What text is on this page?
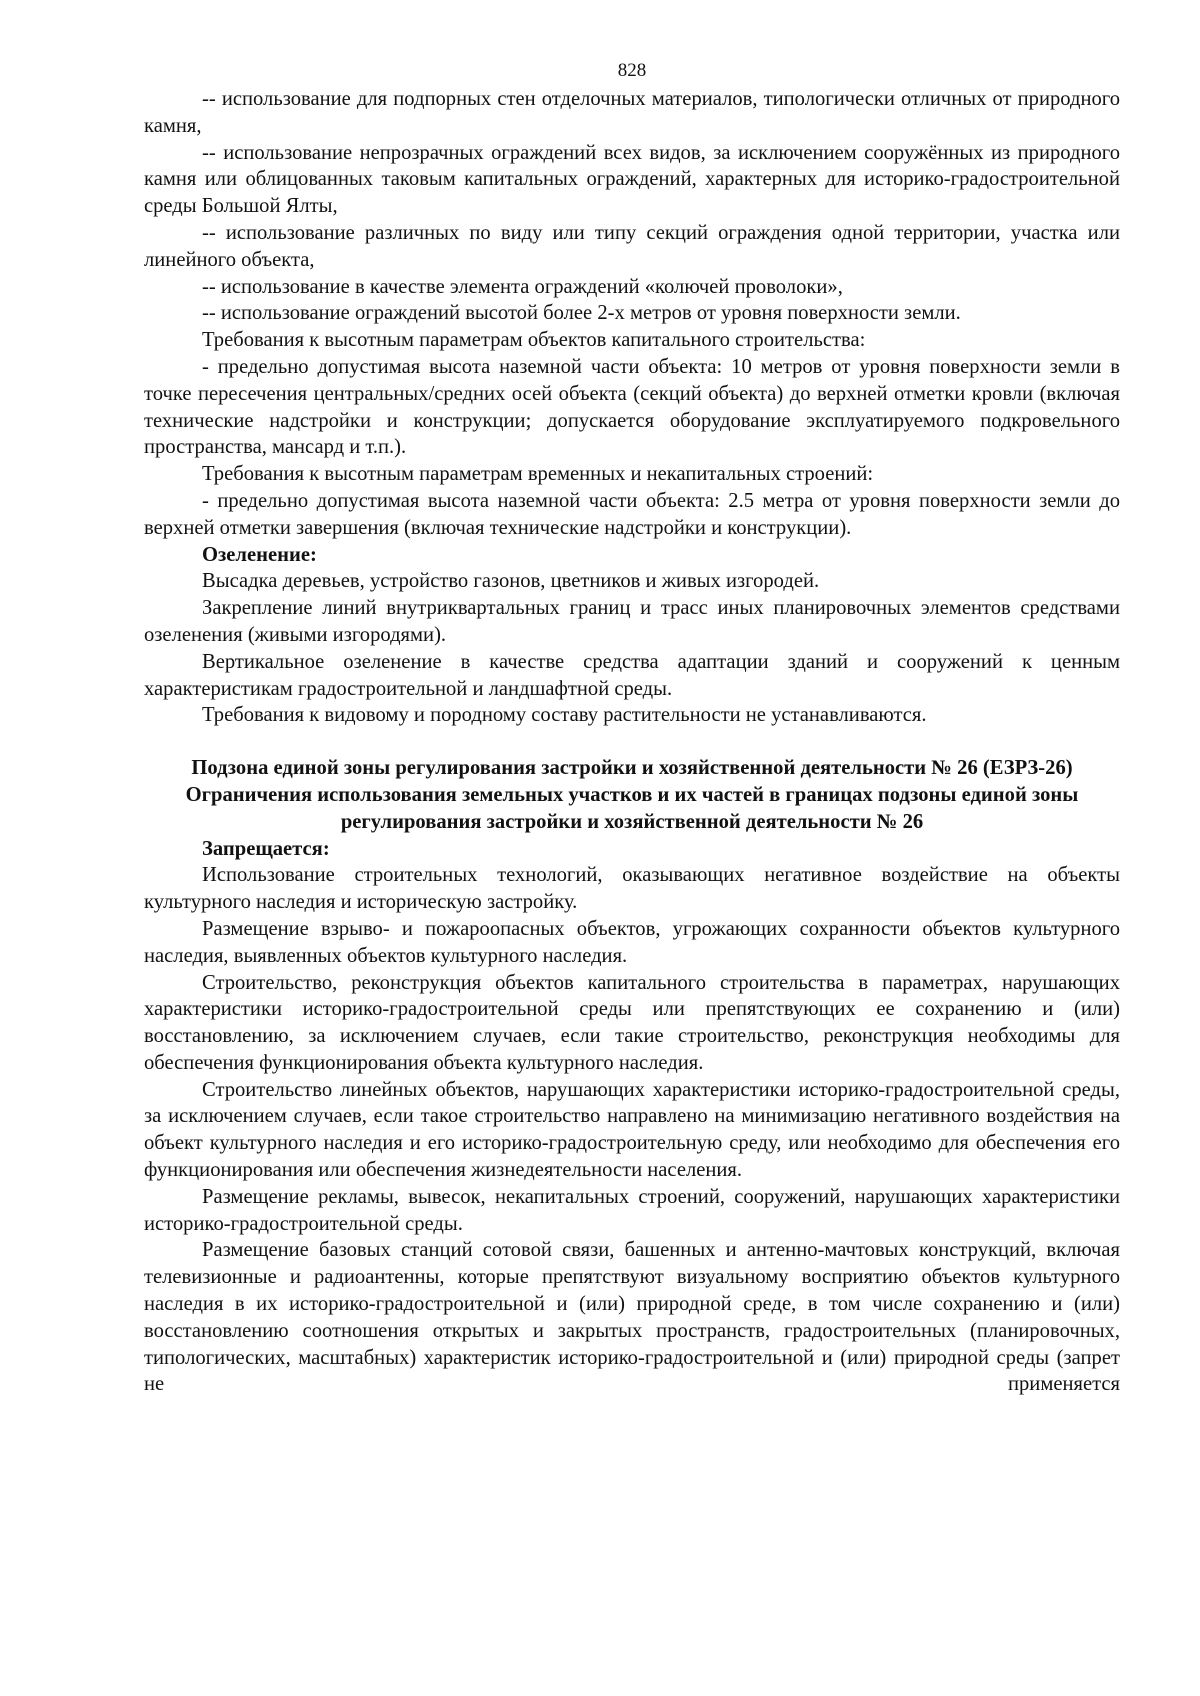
828

-- использование для подпорных стен отделочных материалов, типологически отличных от природного камня,

-- использование непрозрачных ограждений всех видов, за исключением сооружённых из природного камня или облицованных таковым капитальных ограждений, характерных для историко-градостроительной среды Большой Ялты,

-- использование различных по виду или типу секций ограждения одной территории, участка или линейного объекта,

-- использование в качестве элемента ограждений «колючей проволоки»,

-- использование ограждений высотой более 2-х метров от уровня поверхности земли.

Требования к высотным параметрам объектов капитального строительства:

- предельно допустимая высота наземной части объекта: 10 метров от уровня поверхности земли в точке пересечения центральных/средних осей объекта (секций объекта) до верхней отметки кровли (включая технические надстройки и конструкции; допускается оборудование эксплуатируемого подкровельного пространства, мансард и т.п.).

Требования к высотным параметрам временных и некапитальных строений:

- предельно допустимая высота наземной части объекта: 2.5 метра от уровня поверхности земли до верхней отметки завершения (включая технические надстройки и конструкции).

Озеленение:

Высадка деревьев, устройство газонов, цветников и живых изгородей.

Закрепление линий внутриквартальных границ и трасс иных планировочных элементов средствами озеленения (живыми изгородями).

Вертикальное озеленение в качестве средства адаптации зданий и сооружений к ценным характеристикам градостроительной и ландшафтной среды.

Требования к видовому и породному составу растительности не устанавливаются.

Подзона единой зоны регулирования застройки и хозяйственной деятельности № 26 (ЕЗРЗ-26)
Ограничения использования земельных участков и их частей в границах подзоны единой зоны регулирования застройки и хозяйственной деятельности № 26

Запрещается:

Использование строительных технологий, оказывающих негативное воздействие на объекты культурного наследия и историческую застройку.

Размещение взрыво- и пожароопасных объектов, угрожающих сохранности объектов культурного наследия, выявленных объектов культурного наследия.

Строительство, реконструкция объектов капитального строительства в параметрах, нарушающих характеристики историко-градостроительной среды или препятствующих ее сохранению и (или) восстановлению, за исключением случаев, если такие строительство, реконструкция необходимы для обеспечения функционирования объекта культурного наследия.

Строительство линейных объектов, нарушающих характеристики историко-градостроительной среды, за исключением случаев, если такое строительство направлено на минимизацию негативного воздействия на объект культурного наследия и его историко-градостроительную среду, или необходимо для обеспечения его функционирования или обеспечения жизнедеятельности населения.

Размещение рекламы, вывесок, некапитальных строений, сооружений, нарушающих характеристики историко-градостроительной среды.

Размещение базовых станций сотовой связи, башенных и антенно-мачтовых конструкций, включая телевизионные и радиоантенны, которые препятствуют визуальному восприятию объектов культурного наследия в их историко-градостроительной и (или) природной среде, в том числе сохранению и (или) восстановлению соотношения открытых и закрытых пространств, градостроительных (планировочных, типологических, масштабных) характеристик историко-градостроительной и (или) природной среды (запрет не применяется
